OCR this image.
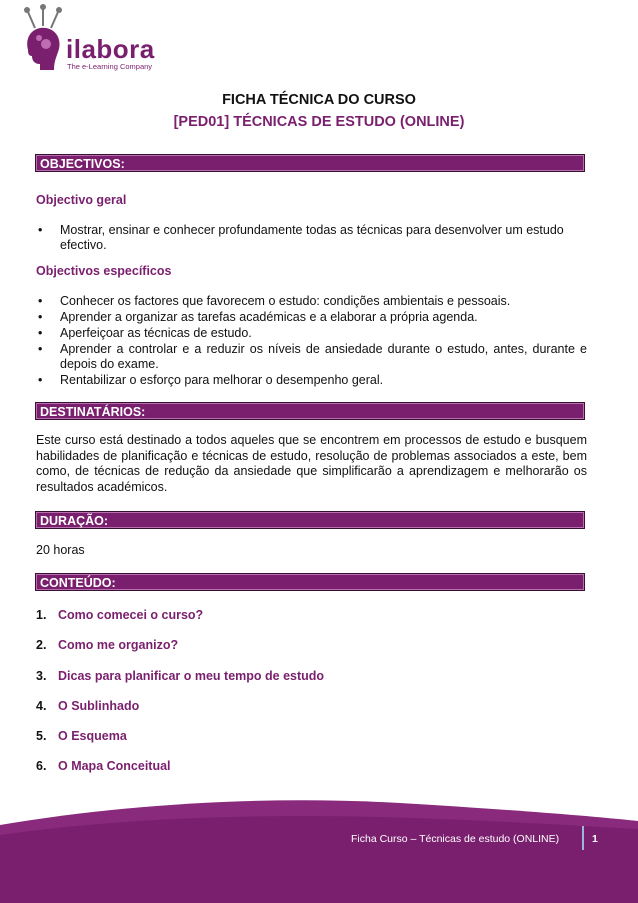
ilabora
The e-Learning Company
FICHA TÉCNICA DO CURSO
[PED01] TÉCNICAS DE ESTUDO (ONLINE)
OBJECTIVOS:
Objectivo geral
• Mostrar, ensinar e conhecer profundamente todas as técnicas para desenvolver um estudo efectivo.
Objectivos específicos
• Conhecer os factores que favorecem o estudo: condições ambientais e pessoais.
• Aprender a organizar as tarefas académicas e a elaborar a própria agenda.
• Aperfeiçoar as técnicas de estudo.
• Aprender a controlar e a reduzir os níveis de ansiedade durante o estudo, antes, durante e depois do exame.
• Rentabilizar o esforço para melhorar o desempenho geral.
DESTINATÁRIOS:
Este curso está destinado a todos aqueles que se encontrem em processos de estudo e busquem habilidades de planificação e técnicas de estudo, resolução de problemas associados a este, bem como, de técnicas de redução da ansiedade que simplificarão a aprendizagem e melhorarão os resultados académicos.
DURAÇÃO:
20 horas
CONTEÚDO:
1. Como comecei o curso?
2. Como me organizo?
3. Dicas para planificar o meu tempo de estudo
4. O Sublinhado
5. O Esquema
6. O Mapa Conceitual
Ficha Curso – Técnicas de estudo (ONLINE)	1
